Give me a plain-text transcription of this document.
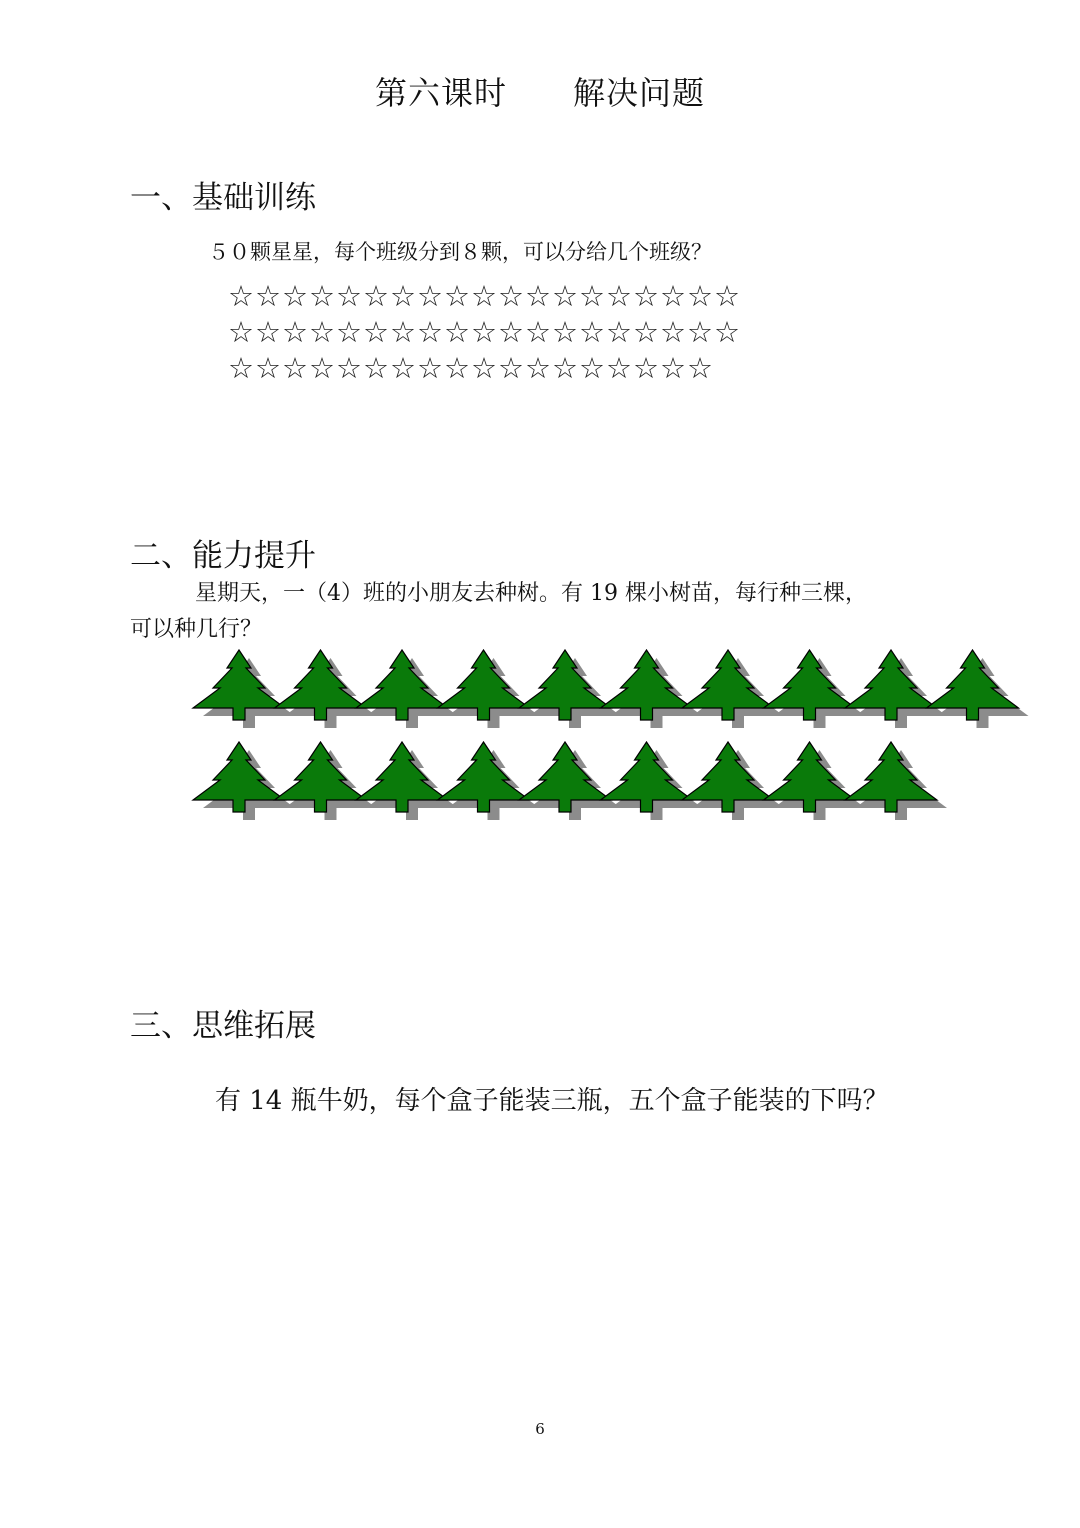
第六课时　　解决问题
一、基础训练

５０颗星星，每个班级分到８颗，可以分给几个班级？

☆☆☆☆☆☆☆☆☆☆☆☆☆☆☆☆☆☆☆
☆☆☆☆☆☆☆☆☆☆☆☆☆☆☆☆☆☆☆
☆☆☆☆☆☆☆☆☆☆☆☆☆☆☆☆☆☆
二、能力提升

星期天，一（4）班的小朋友去种树。有 19 棵小树苗，每行种三棵，

可以种几行？

三、思维拓展

有 14 瓶牛奶，每个盒子能装三瓶，五个盒子能装的下吗？

6
